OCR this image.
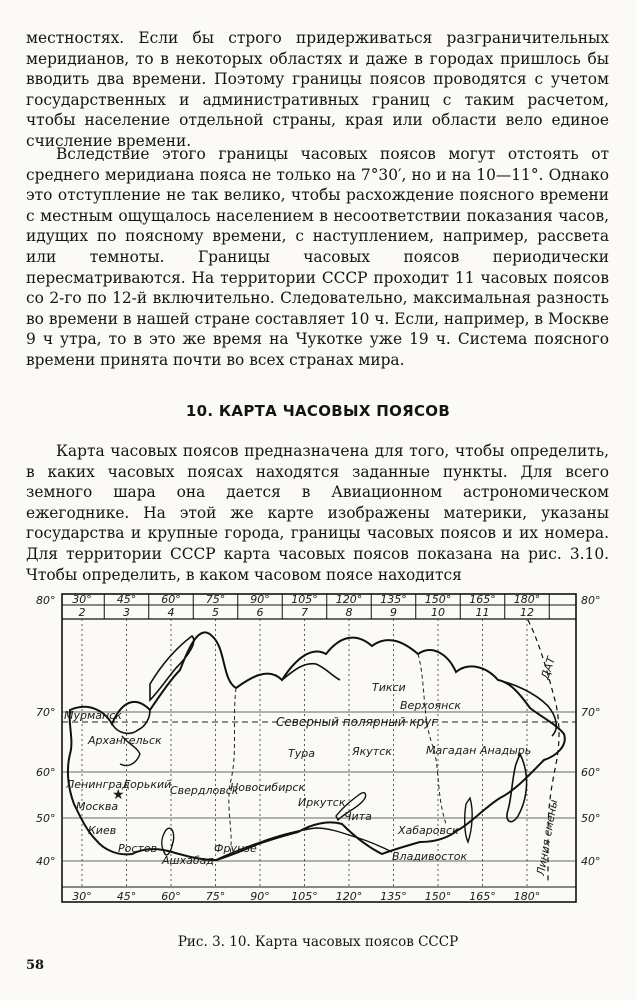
местностях. Если бы строго придерживаться разграничительных меридианов, то в некоторых областях и даже в городах пришлось бы вводить два времени. Поэтому границы поясов проводятся с учетом государственных и административных границ с таким расчетом, чтобы население отдельной страны, края или области вело единое счисление времени.

Вследствие этого границы часовых поясов могут отстоять от среднего меридиана пояса не только на 7°30′, но и на 10—11°. Однако это отступление не так велико, чтобы расхождение поясного времени с местным ощущалось населением в несоответствии показания часов, идущих по поясному времени, с наступлением, например, рассвета или темноты. Границы часовых поясов периодически пересматриваются. На территории СССР проходит 11 часовых поясов со 2-го по 12-й включительно. Следовательно, максимальная разность во времени в нашей стране составляет 10 ч. Если, например, в Москве 9 ч утра, то в это же время на Чукотке уже 19 ч. Система поясного времени принята почти во всех странах мира.

10. КАРТА ЧАСОВЫХ ПОЯСОВ

Карта часовых поясов предназначена для того, чтобы определить, в каких часовых поясах находятся заданные пункты. Для всего земного шара она дается в Авиационном астрономическом ежегоднике. На этой же карте изображены материки, указаны государства и крупные города, границы часовых поясов и их номера. Для территории СССР карта часовых поясов показана на рис. 3.10. Чтобы определить, в каком часовом поясе находится

★
30° 45° 60° 75° 90° 105° 120° 135° 150° 165° 180°
2	3	4	5	6	7	8	9	10	11	12
30° 45° 60° 75° 90° 105° 120° 135° 150° 165° 180°
80°
70°
60°
50°
40°
80°
70°
60°
50°
40°
Мурманск
Архангельск
Ленинград
Горький
Москва
Свердловск
Новосибирск
Киев
Ростов
Ашхабад
Фрунзе
Иркутск
Чита
Тура	Якутск
Тикси
Верхоянск
Магадан Анадырь
Хабаровск
Владивосток
Северный полярный круг
ДАТ
Линия смены

Рис. 3. 10. Карта часовых поясов СССР

58
